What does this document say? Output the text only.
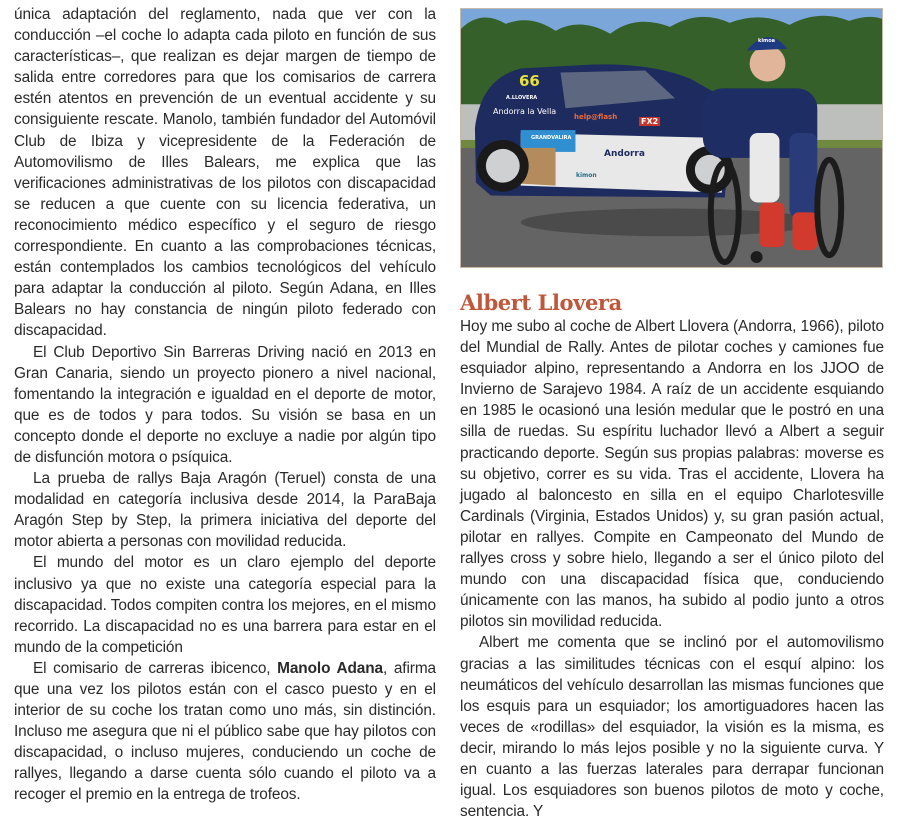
única adaptación del reglamento, nada que ver con la conducción –el coche lo adapta cada piloto en función de sus características–, que realizan es dejar margen de tiempo de salida entre corredores para que los comisarios de carrera estén atentos en prevención de un eventual accidente y su consiguiente rescate. Manolo, también fundador del Automóvil Club de Ibiza y vicepresidente de la Federación de Automovilismo de Illes Balears, me explica que las verificaciones administrativas de los pilotos con discapacidad se reducen a que cuente con su licencia federativa, un reconocimiento médico específico y el seguro de riesgo correspondiente. En cuanto a las comprobaciones técnicas, están contemplados los cambios tecnológicos del vehículo para adaptar la conducción al piloto. Según Adana, en Illes Balears no hay constancia de ningún piloto federado con discapacidad.

El Club Deportivo Sin Barreras Driving nació en 2013 en Gran Canaria, siendo un proyecto pionero a nivel nacional, fomentando la integración e igualdad en el deporte de motor, que es de todos y para todos. Su visión se basa en un concepto donde el deporte no excluye a nadie por algún tipo de disfunción motora o psíquica.

La prueba de rallys Baja Aragón (Teruel) consta de una modalidad en categoría inclusiva desde 2014, la ParaBaja Aragón Step by Step, la primera iniciativa del deporte del motor abierta a personas con movilidad reducida.

El mundo del motor es un claro ejemplo del deporte inclusivo ya que no existe una categoría especial para la discapacidad. Todos compiten contra los mejores, en el mismo recorrido. La discapacidad no es una barrera para estar en el mundo de la competición

El comisario de carreras ibicenco, Manolo Adana, afirma que una vez los pilotos están con el casco puesto y en el interior de su coche los tratan como uno más, sin distinción. Incluso me asegura que ni el público sabe que hay pilotos con discapacidad, o incluso mujeres, conduciendo un coche de rallyes, llegando a darse cuenta sólo cuando el piloto va a recoger el premio en la entrega de trofeos.

66
A.LLOVERA
Andorra la Vella
help@flash	FX2
GRANDVALIRA
Andorra
kimon
kimoa
Albert Llovera

Hoy me subo al coche de Albert Llovera (Andorra, 1966), piloto del Mundial de Rally. Antes de pilotar coches y camiones fue esquiador alpino, representando a Andorra en los JJOO de Invierno de Sarajevo 1984. A raíz de un accidente esquiando en 1985 le ocasionó una lesión medular que le postró en una silla de ruedas. Su espíritu luchador llevó a Albert a seguir practicando deporte. Según sus propias palabras: moverse es su objetivo, correr es su vida. Tras el accidente, Llovera ha jugado al baloncesto en silla en el equipo Charlotesville Cardinals (Virginia, Estados Unidos) y, su gran pasión actual, pilotar en rallyes. Compite en Campeonato del Mundo de rallyes cross y sobre hielo, llegando a ser el único piloto del mundo con una discapacidad física que, conduciendo únicamente con las manos, ha subido al podio junto a otros pilotos sin movilidad reducida.

Albert me comenta que se inclinó por el automovilismo gracias a las similitudes técnicas con el esquí alpino: los neumáticos del vehículo desarrollan las mismas funciones que los esquis para un esquiador; los amortiguadores hacen las veces de «rodillas» del esquiador, la visión es la misma, es decir, mirando lo más lejos posible y no la siguiente curva. Y en cuanto a las fuerzas laterales para derrapar funcionan igual. Los esquiadores son buenos pilotos de moto y coche, sentencia. Y
